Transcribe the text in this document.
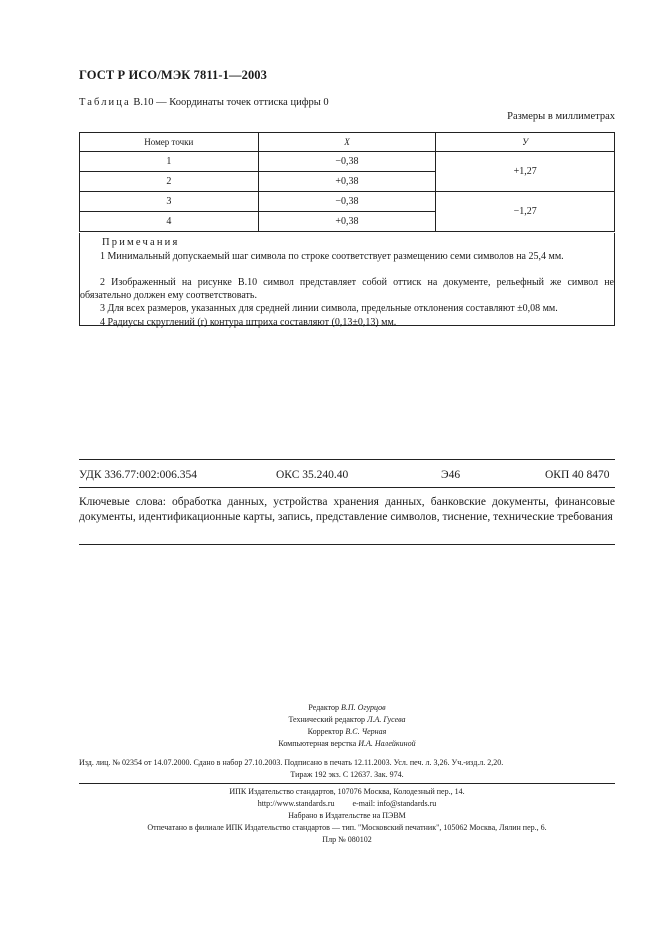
ГОСТ Р ИСО/МЭК 7811-1—2003
Таблица В.10 — Координаты точек оттиска цифры 0
Размеры в миллиметрах
Номер точки	X	У
1	−0,38	+1,27
2	+0,38	
3	−0,38	−1,27
4	+0,38	
Примечания
1 Минимальный допускаемый шаг символа по строке соответствует размещению семи символов на 25,4 мм.
2 Изображенный на рисунке В.10 символ представляет собой оттиск на документе, рельефный же символ не обязательно должен ему соответствовать.
3 Для всех размеров, указанных для средней линии символа, предельные отклонения составляют ±0,08 мм.
4 Радиусы скруглений (r) контура штриха составляют (0,13±0,13) мм.
УДК 336.77:002:006.354	ОКС 35.240.40	Э46	ОКП 40 8470
Ключевые слова: обработка данных, устройства хранения данных, банковские документы, финансовые документы, идентификационные карты, запись, представление символов, тиснение, технические требования
Редактор В.П. Огурцов
Технический редактор Л.А. Гусева
Корректор В.С. Черная
Компьютерная верстка И.А. Налейкиной
Изд. лиц. № 02354 от 14.07.2000. Сдано в набор 27.10.2003. Подписано в печать 12.11.2003. Усл. печ. л. 3,26. Уч.-изд.л. 2,20.
Тираж 192 экз. С 12637. Зак. 974.
ИПК Издательство стандартов, 107076 Москва, Колодезный пер., 14.
http://www.standards.ru e-mail: info@standards.ru
Набрано в Издательстве на ПЭВМ
Отпечатано в филиале ИПК Издательство стандартов — тип. "Московский печатник", 105062 Москва, Лялин пер., 6.
Плр № 080102
